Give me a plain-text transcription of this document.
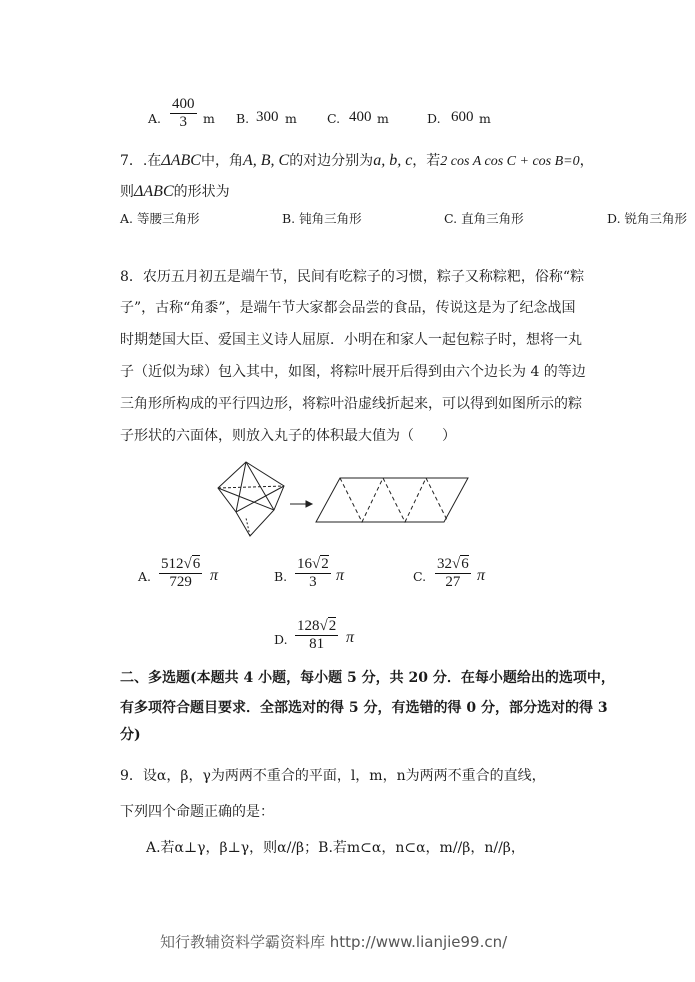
A. $\frac{400}{3}$ m B. 300 m C. 400 m	D. 600 m
7．.在ΔABC中，角A, B, C的对边分别为a, b, c，若2 cos A cos C + cos B=0，
则ΔABC的形状为
A. 等腰三角形	B. 钝角三角形	C. 直角三角形	D. 锐角三角形
8．农历五月初五是端午节，民间有吃粽子的习惯，粽子又称粽粑，俗称“粽
子”，古称“角黍”，是端午节大家都会品尝的食品，传说这是为了纪念战国
时期楚国大臣、爱国主义诗人屈原．小明在和家人一起包粽子时，想将一丸
子（近似为球）包入其中，如图，将粽叶展开后得到由六个边长为 4 的等边
三角形所构成的平行四边形，将粽叶沿虚线折起来，可以得到如图所示的粽
子形状的六面体，则放入丸子的体积最大值为（　　）
A. $\frac{512√6}{729}$ π	B. $\frac{16√2}{3}$ π	C. $\frac{32√6}{27}$ π
D. $\frac{128√2}{81}$ π
二、多选题(本题共 4 小题，每小题 5 分，共 20 分．在每小题给出的选项中，
有多项符合题目要求．全部选对的得 5 分，有选错的得 0 分，部分选对的得 3
分)
9．设α，β，γ为两两不重合的平面，l，m，n为两两不重合的直线，
下列四个命题正确的是：
A.若α⊥γ，β⊥γ，则α//β；B.若m⊂α，n⊂α，m//β，n//β，
知行教辅资料学霸资料库 http://www.lianjie99.cn/
